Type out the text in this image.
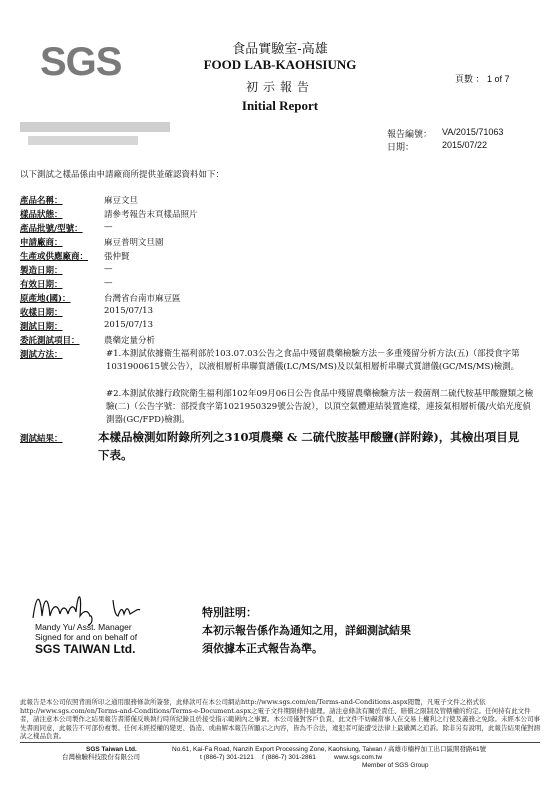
SGS	食品實驗室-高雄
FOOD LAB-KAOHSIUNG
初示報告
Initial Report
頁數 ： 1 of 7
報告編號： VA/2015/71063
日期：	2015/07/22
以下測試之樣品係由申請廠商所提供並確認資料如下：
產品名稱：	麻豆文旦
樣品狀態：	請參考報告末頁樣品照片
產品批號/型號：	—
申請廠商：	麻豆普明文旦園
生產或供應廠商： 張仲賢
製造日期：	—
有效日期：	—
原產地(國)：	台灣省台南市麻豆區
收樣日期：	2015/07/13
測試日期：	2015/07/13
委託測試項目：	農藥定量分析
測試方法：	#1.本測試依據衛生福利部於103.07.03公告之食品中殘留農藥檢驗方法－多重殘留分析方法(五)（部授食字第1031900615號公告），以液相層析串聯質譜儀(LC/MS/MS)及以氣相層析串聯式質譜儀(GC/MS/MS)檢測。
#2.本測試依據行政院衛生福利部102年09月06日公告食品中殘留農藥檢驗方法－殺菌劑二硫代胺基甲酸鹽類之檢驗(二)（公告字號：部授食字第1021950329號公告說），以頂空氣體連結裝置進樣，連接氣相層析儀/火焰光度偵測器(GC/FPD)檢測。
測試結果：	本樣品檢測如附錄所列之310項農藥 & 二硫代胺基甲酸鹽(詳附錄)，其檢出項目見下表。
Mandy Yu/ Asst. Manager
Signed for and on behalf of
SGS TAIWAN Ltd.
特別註明：
本初示報告係作為通知之用，詳細測試結果
須依據本正式報告為準。
此報告是本公司依照背面所印之通用服務條款所簽發，此條款可在本公司網站http://www.sgs.com/en/Terms-and-Conditions.aspx閱覽，凡電子文件之格式依http://www.sgs.com/en/Terms-and-Conditions/Terms-e-Document.aspx之電子文件期限條件處理。請注意條款有關於責任、賠償之限制及管轄權的約定。任何持有此文件者，請注意本公司製作之結果報告書將僅反映執行時所紀錄且於接受指示範圍內之事實。本公司僅對客戶負責，此文件不妨礙當事人在交易上權利之行使及義務之免除。未經本公司事先書面同意，此報告不可部份複製。任何未經授權的變更、偽造、或曲解本報告所顯示之內容，皆為不合法，違犯者可能遭受法律上最嚴厲之追訴。除非另有說明，此報告結果僅對測試之樣品負責。
SGS Taiwan Ltd.
台灣檢驗科技股份有限公司
No.61, Kai-Fa Road, Nanzih Export Processing Zone, Kaohsiung, Taiwan / 高雄市楠梓加工出口區開發路61號
t (886-7) 301-2121 f (886-7) 301-2861	www.sgs.com.tw
Member of SGS Group
